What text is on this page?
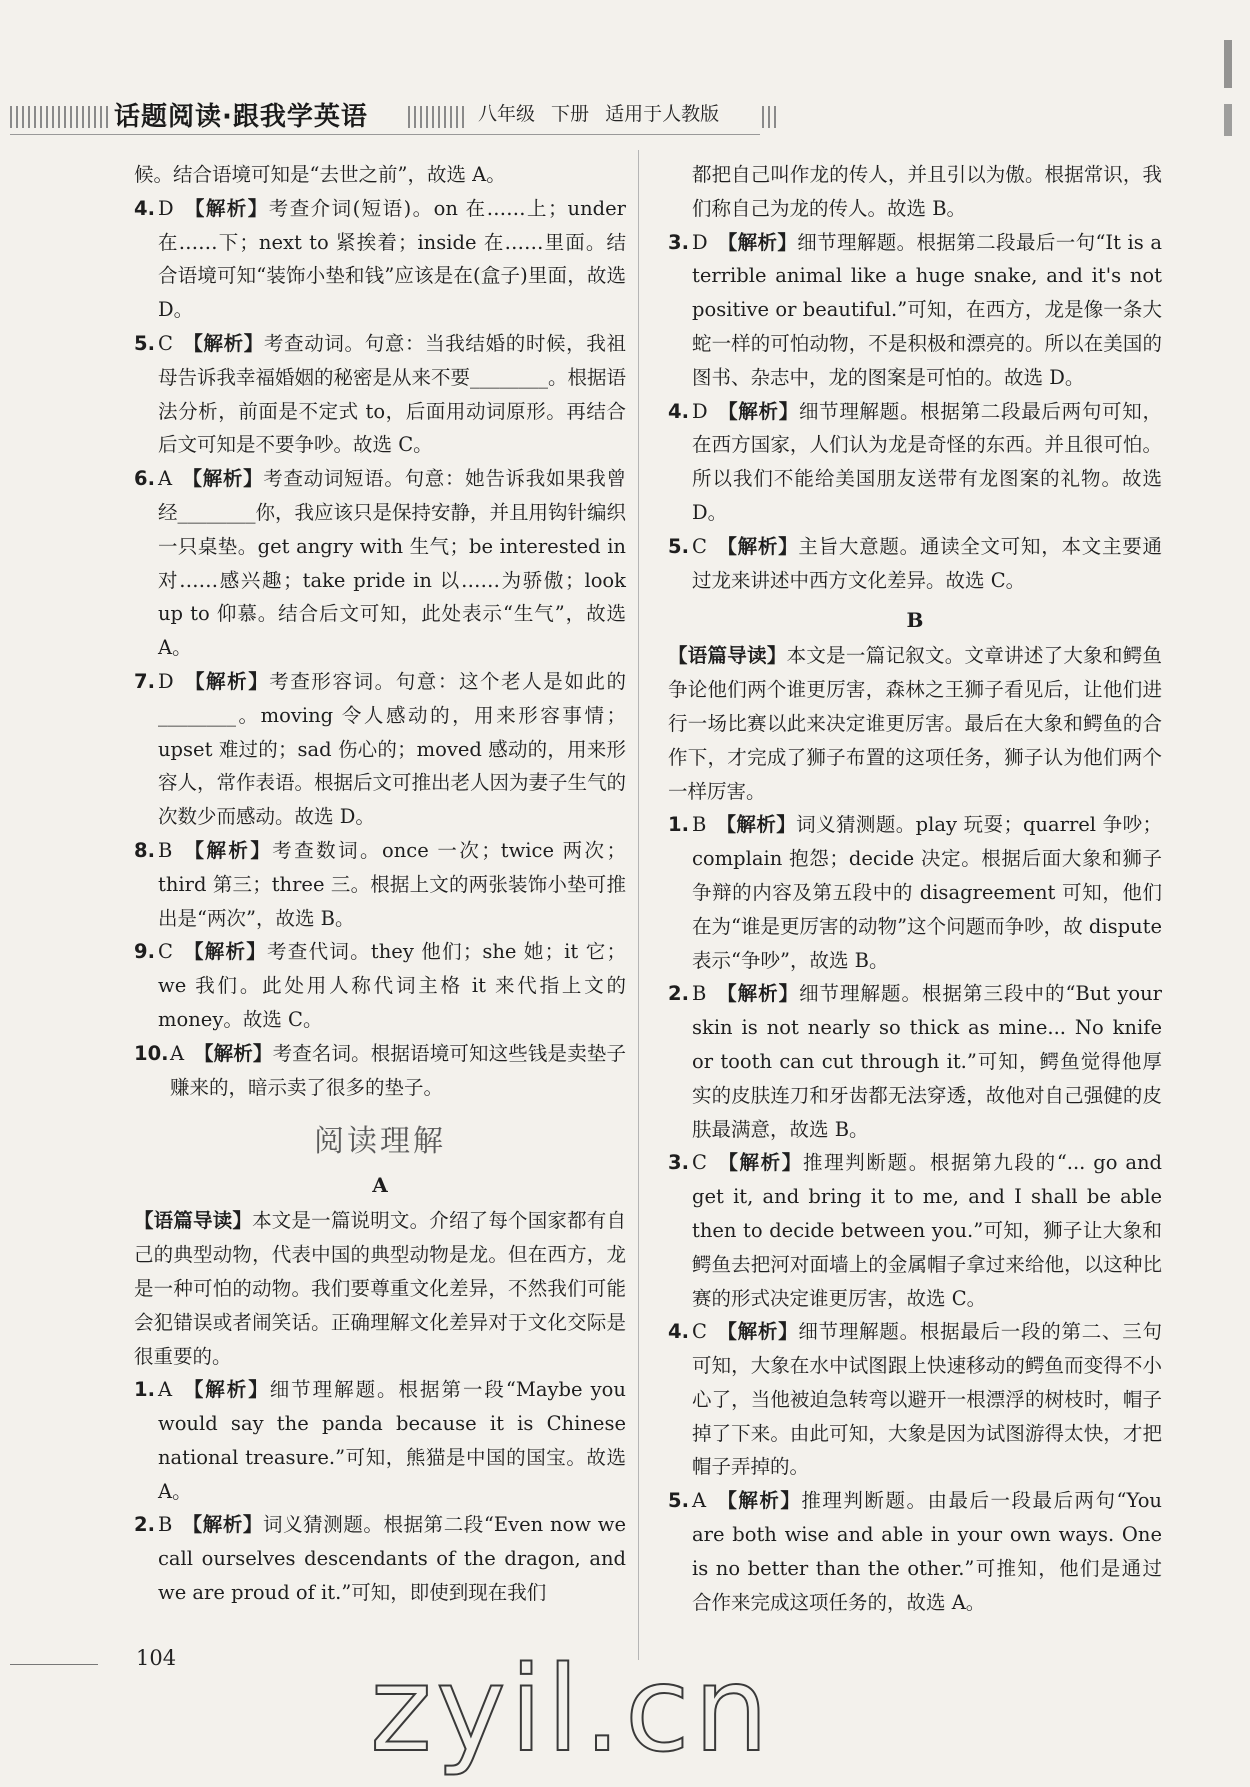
话题阅读·跟我学英语	八年级 下册 适用于人教版

候。结合语境可知是“去世之前”，故选 A。

4. D  【解析】考查介词(短语)。on 在……上；under 在……下；next to 紧挨着；inside 在……里面。结合语境可知“装饰小垫和钱”应该是在(盒子)里面，故选 D。

5. C  【解析】考查动词。句意：当我结婚的时候，我祖母告诉我幸福婚姻的秘密是从来不要________。根据语法分析，前面是不定式 to，后面用动词原形。再结合后文可知是不要争吵。故选 C。

6. A  【解析】考查动词短语。句意：她告诉我如果我曾经________你，我应该只是保持安静，并且用钩针编织一只桌垫。get angry with 生气；be interested in 对……感兴趣；take pride in 以……为骄傲；look up to 仰慕。结合后文可知，此处表示“生气”，故选 A。

7. D  【解析】考查形容词。句意：这个老人是如此的________。moving 令人感动的，用来形容事情；upset 难过的；sad 伤心的；moved 感动的，用来形容人，常作表语。根据后文可推出老人因为妻子生气的次数少而感动。故选 D。

8. B  【解析】考查数词。once 一次；twice 两次；third 第三；three 三。根据上文的两张装饰小垫可推出是“两次”，故选 B。

9. C  【解析】考查代词。they 他们；she 她；it 它；we 我们。此处用人称代词主格 it 来代指上文的 money。故选 C。

10. A  【解析】考查名词。根据语境可知这些钱是卖垫子赚来的，暗示卖了很多的垫子。

阅读理解
A

【语篇导读】本文是一篇说明文。介绍了每个国家都有自己的典型动物，代表中国的典型动物是龙。但在西方，龙是一种可怕的动物。我们要尊重文化差异，不然我们可能会犯错误或者闹笑话。正确理解文化差异对于文化交际是很重要的。

1. A  【解析】细节理解题。根据第一段“Maybe you would say the panda because it is Chinese national treasure.”可知，熊猫是中国的国宝。故选 A。

2. B  【解析】词义猜测题。根据第二段“Even now we call ourselves descendants of the dragon, and we are proud of it.”可知，即使到现在我们

都把自己叫作龙的传人，并且引以为傲。根据常识，我们称自己为龙的传人。故选 B。

3. D  【解析】细节理解题。根据第二段最后一句“It is a terrible animal like a huge snake, and it's not positive or beautiful.”可知，在西方，龙是像一条大蛇一样的可怕动物，不是积极和漂亮的。所以在美国的图书、杂志中，龙的图案是可怕的。故选 D。

4. D  【解析】细节理解题。根据第二段最后两句可知，在西方国家，人们认为龙是奇怪的东西。并且很可怕。所以我们不能给美国朋友送带有龙图案的礼物。故选 D。

5. C  【解析】主旨大意题。通读全文可知，本文主要通过龙来讲述中西方文化差异。故选 C。

B

【语篇导读】本文是一篇记叙文。文章讲述了大象和鳄鱼争论他们两个谁更厉害，森林之王狮子看见后，让他们进行一场比赛以此来决定谁更厉害。最后在大象和鳄鱼的合作下，才完成了狮子布置的这项任务，狮子认为他们两个一样厉害。

1. B  【解析】词义猜测题。play 玩耍；quarrel 争吵；complain 抱怨；decide 决定。根据后面大象和狮子争辩的内容及第五段中的 disagreement 可知，他们在为“谁是更厉害的动物”这个问题而争吵，故 dispute 表示“争吵”，故选 B。

2. B  【解析】细节理解题。根据第三段中的“But your skin is not nearly so thick as mine... No knife or tooth can cut through it.”可知，鳄鱼觉得他厚实的皮肤连刀和牙齿都无法穿透，故他对自己强健的皮肤最满意，故选 B。

3. C  【解析】推理判断题。根据第九段的“... go and get it, and bring it to me, and I shall be able then to decide between you.”可知，狮子让大象和鳄鱼去把河对面墙上的金属帽子拿过来给他，以这种比赛的形式决定谁更厉害，故选 C。

4. C  【解析】细节理解题。根据最后一段的第二、三句可知，大象在水中试图跟上快速移动的鳄鱼而变得不小心了，当他被迫急转弯以避开一根漂浮的树枝时，帽子掉了下来。由此可知，大象是因为试图游得太快，才把帽子弄掉的。

5. A  【解析】推理判断题。由最后一段最后两句“You are both wise and able in your own ways. One is no better than the other.”可推知，他们是通过合作来完成这项任务的，故选 A。

104 zyil.cn
